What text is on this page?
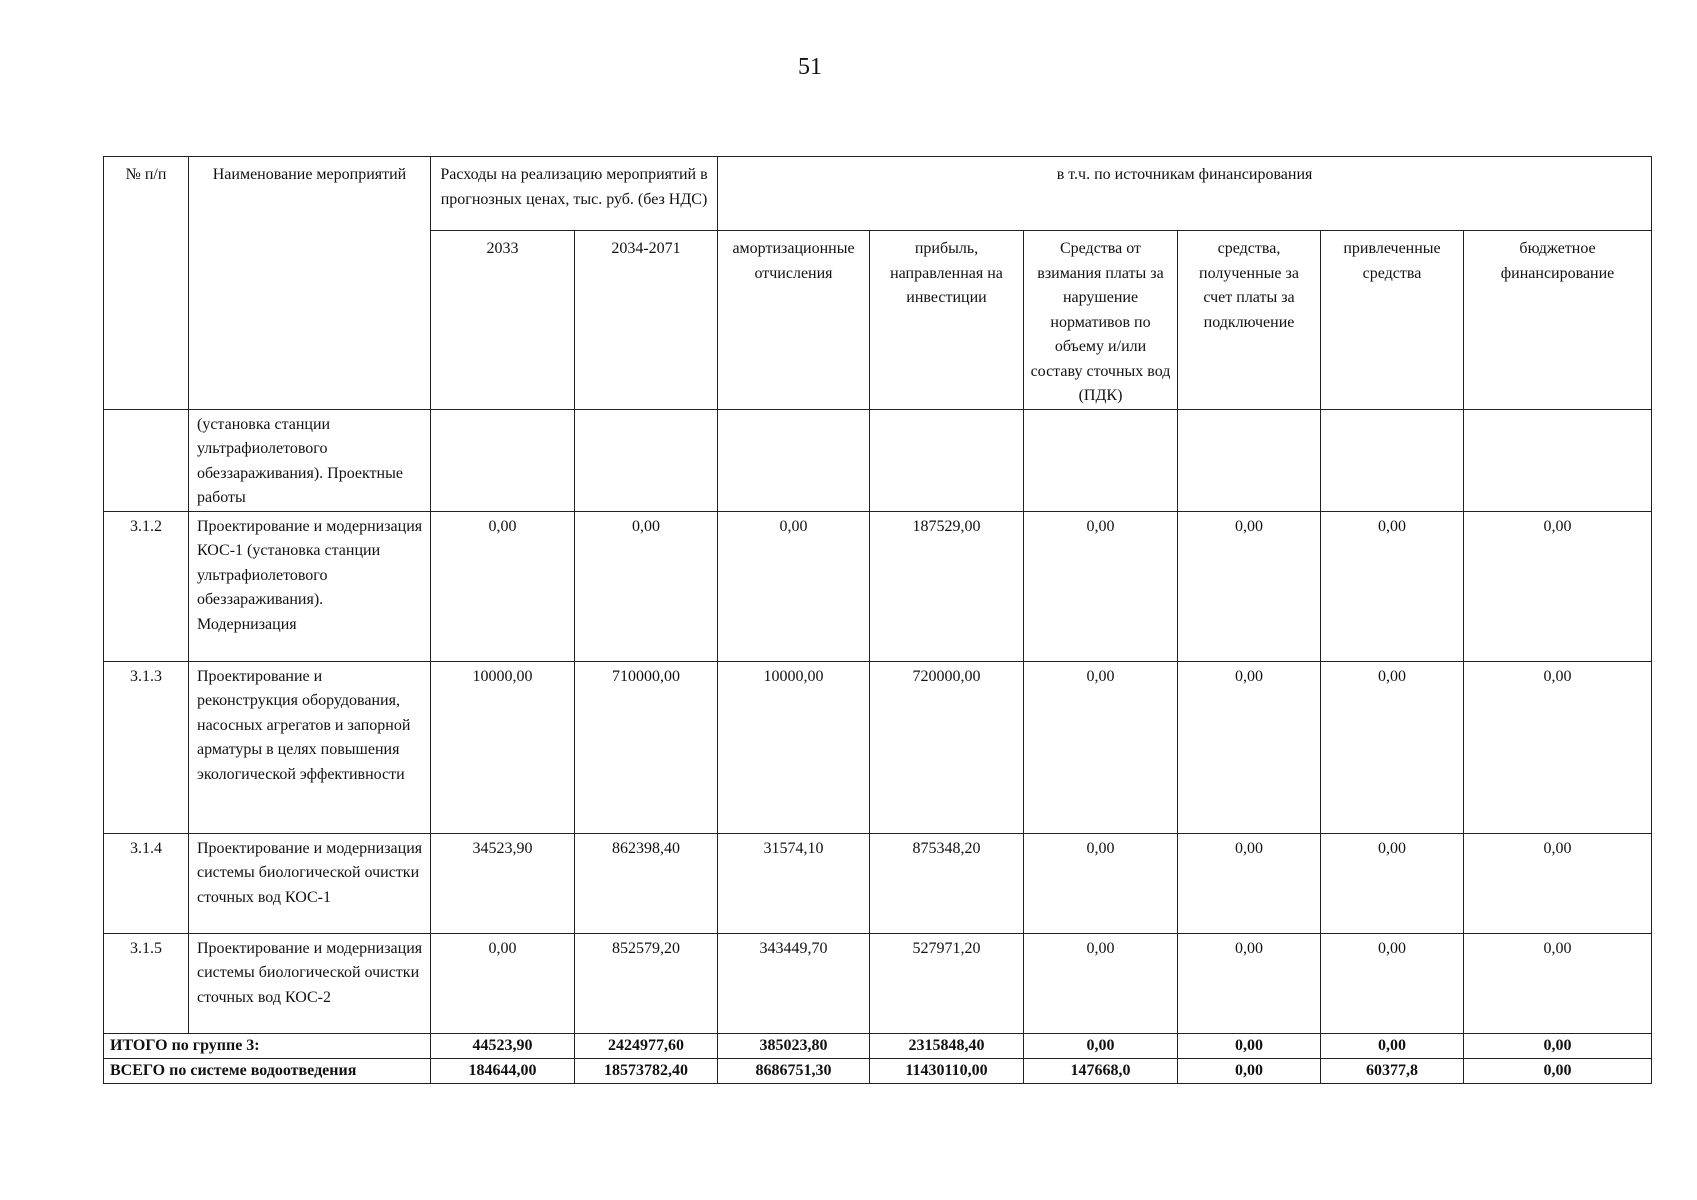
51
№ п/п	Наименование мероприятий	Расходы на реализацию мероприятий в прогнозных ценах, тыс. руб. (без НДС)		в т.ч. по источникам финансирования					
		2033	2034-2071	амортизационные отчисления	прибыль, направленная на инвестиции	Средства от взимания платы за нарушение нормативов по объему и/или составу сточных вод (ПДК)	средства, полученные за счет платы за подключение	привлеченные средства	бюджетное финансирование
	(установка станции ультрафиолетового обеззараживания). Проектные работы								
3.1.2	Проектирование и модернизация КОС-1 (установка станции ультрафиолетового обеззараживания). Модернизация	0,00	0,00	0,00	187529,00	0,00	0,00	0,00	0,00
3.1.3	Проектирование и реконструкция оборудования, насосных агрегатов и запорной арматуры в целях повышения экологической эффективности	10000,00	710000,00	10000,00	720000,00	0,00	0,00	0,00	0,00
3.1.4	Проектирование и модернизация системы биологической очистки сточных вод КОС-1	34523,90	862398,40	31574,10	875348,20	0,00	0,00	0,00	0,00
3.1.5	Проектирование и модернизация системы биологической очистки сточных вод КОС-2	0,00	852579,20	343449,70	527971,20	0,00	0,00	0,00	0,00
ИТОГО по группе 3:		44523,90	2424977,60	385023,80	2315848,40	0,00	0,00	0,00	0,00
ВСЕГО по системе водоотведения		184644,00	18573782,40	8686751,30	11430110,00	147668,0	0,00	60377,8	0,00
